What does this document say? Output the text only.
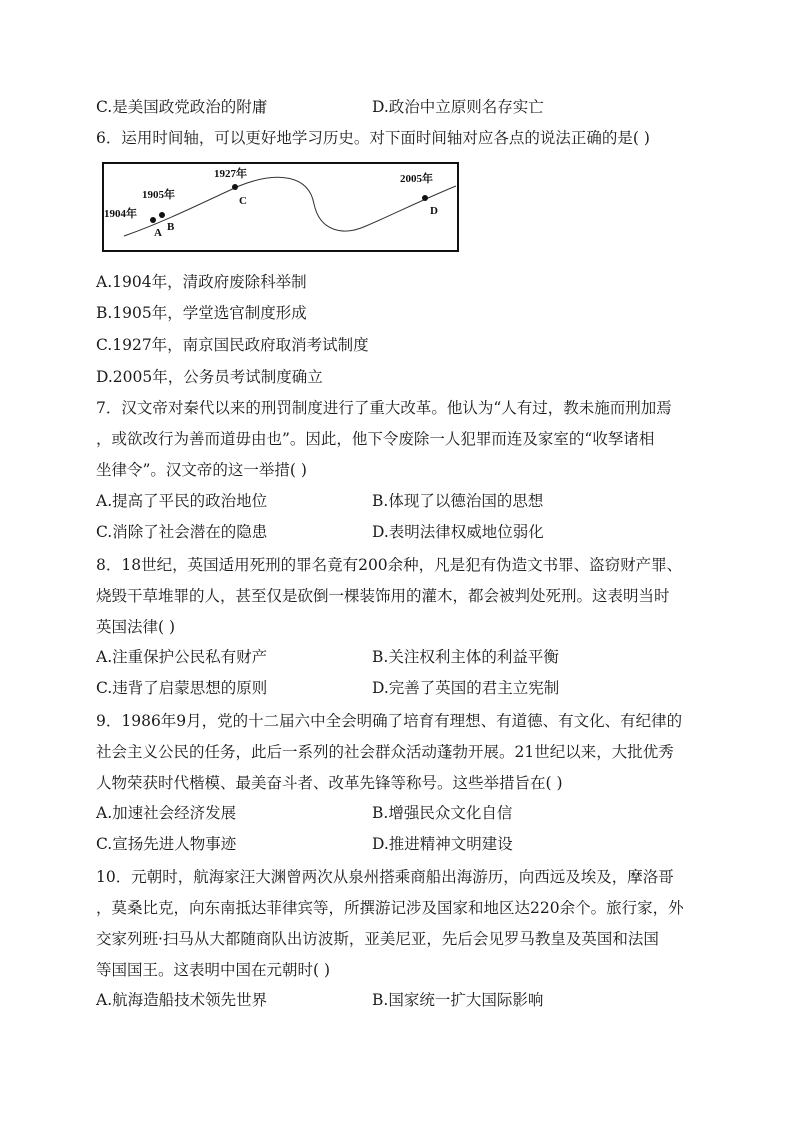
C.是美国政党政治的附庸	D.政治中立原则名存实亡
6．运用时间轴，可以更好地学习历史。对下面时间轴对应各点的说法正确的是( )
1904年
1905年
1927年	2005年
A B
C
D
A.1904年，清政府废除科举制
B.1905年，学堂选官制度形成
C.1927年，南京国民政府取消考试制度
D.2005年，公务员考试制度确立
7．汉文帝对秦代以来的刑罚制度进行了重大改革。他认为“人有过，教未施而刑加焉
，或欲改行为善而道毋由也”。因此，他下令废除一人犯罪而连及家室的“收孥诸相
坐律令”。汉文帝的这一举措( )
A.提高了平民的政治地位	B.体现了以德治国的思想
C.消除了社会潜在的隐患	D.表明法律权威地位弱化
8．18世纪，英国适用死刑的罪名竟有200余种，凡是犯有伪造文书罪、盗窃财产罪、
烧毁干草堆罪的人，甚至仅是砍倒一棵装饰用的灌木，都会被判处死刑。这表明当时
英国法律( )
A.注重保护公民私有财产	B.关注权利主体的利益平衡
C.违背了启蒙思想的原则	D.完善了英国的君主立宪制
9．1986年9月，党的十二届六中全会明确了培育有理想、有道德、有文化、有纪律的
社会主义公民的任务，此后一系列的社会群众活动蓬勃开展。21世纪以来，大批优秀
人物荣获时代楷模、最美奋斗者、改革先锋等称号。这些举措旨在( )
A.加速社会经济发展	B.增强民众文化自信
C.宣扬先进人物事迹	D.推进精神文明建设
10．元朝时，航海家汪大渊曾两次从泉州搭乘商船出海游历，向西远及埃及，摩洛哥
，莫桑比克，向东南抵达菲律宾等，所撰游记涉及国家和地区达220余个。旅行家，外
交家列班·扫马从大都随商队出访波斯，亚美尼亚，先后会见罗马教皇及英国和法国
等国国王。这表明中国在元朝时( )
A.航海造船技术领先世界	B.国家统一扩大国际影响
